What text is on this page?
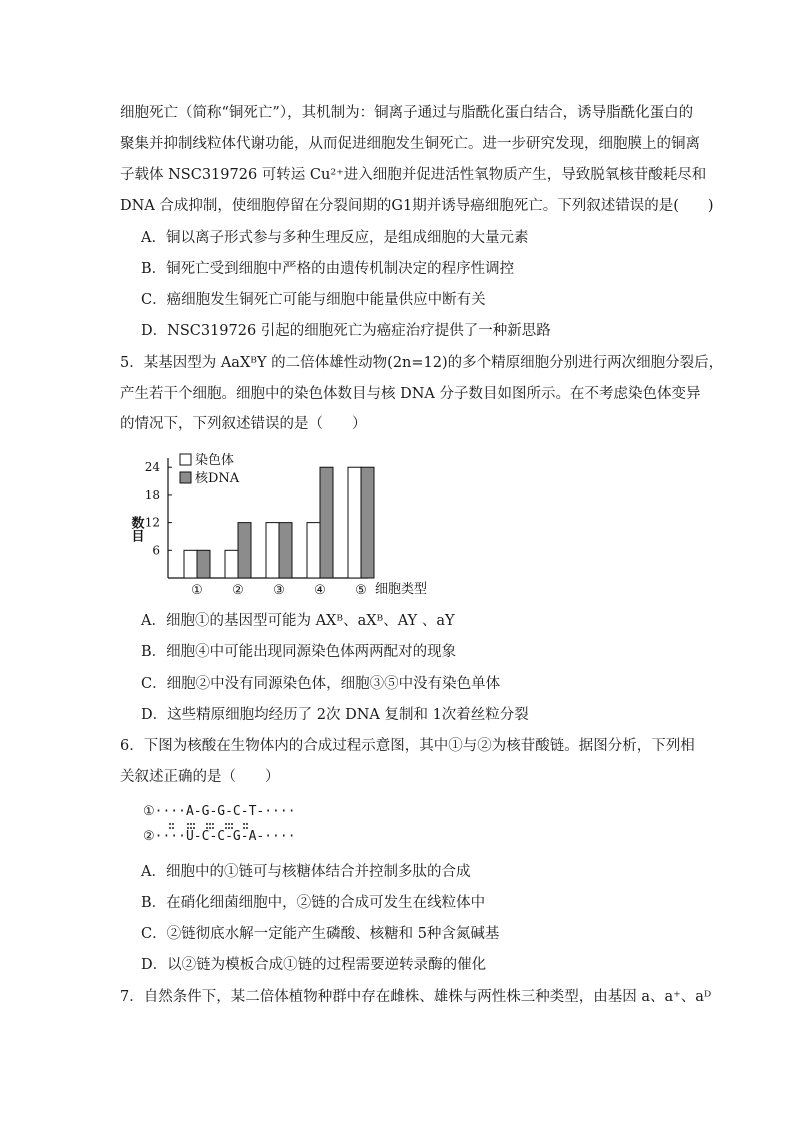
细胞死亡（简称“铜死亡”），其机制为：铜离子通过与脂酰化蛋白结合，诱导脂酰化蛋白的
聚集并抑制线粒体代谢功能，从而促进细胞发生铜死亡。进一步研究发现，细胞膜上的铜离
子载体 NSC319726 可转运 Cu²⁺进入细胞并促进活性氧物质产生，导致脱氧核苷酸耗尽和
DNA 合成抑制，使细胞停留在分裂间期的G1期并诱导癌细胞死亡。下列叙述错误的是(　　)
A．铜以离子形式参与多种生理反应，是组成细胞的大量元素
B．铜死亡受到细胞中严格的由遗传机制决定的程序性调控
C．癌细胞发生铜死亡可能与细胞中能量供应中断有关
D．NSC319726 引起的细胞死亡为癌症治疗提供了一种新思路
5．某基因型为 AaXᴮY 的二倍体雄性动物(2n=12)的多个精原细胞分别进行两次细胞分裂后，
产生若干个细胞。细胞中的染色体数目与核 DNA 分子数目如图所示。在不考虑染色体变异
的情况下，下列叙述错误的是（　　）
6
12
18
24
① ② ③ ④ ⑤
数目
细胞类型
染色体
核DNA
A．细胞①的基因型可能为 AXᴮ、aXᴮ、AY 、aY
B．细胞④中可能出现同源染色体两两配对的现象
C．细胞②中没有同源染色体，细胞③⑤中没有染色单体
D．这些精原细胞均经历了 2次 DNA 复制和 1次着丝粒分裂
6．下图为核酸在生物体内的合成过程示意图，其中①与②为核苷酸链。据图分析，下列相
关叙述正确的是（　　）
①····A-G-G-C-T-····
②····U-C-C-G-A-····
A．细胞中的①链可与核糖体结合并控制多肽的合成
B．在硝化细菌细胞中，②链的合成可发生在线粒体中
C．②链彻底水解一定能产生磷酸、核糖和 5种含氮碱基
D．以②链为模板合成①链的过程需要逆转录酶的催化
7．自然条件下，某二倍体植物种群中存在雌株、雄株与两性株三种类型，由基因 a、a⁺、aᴰ
